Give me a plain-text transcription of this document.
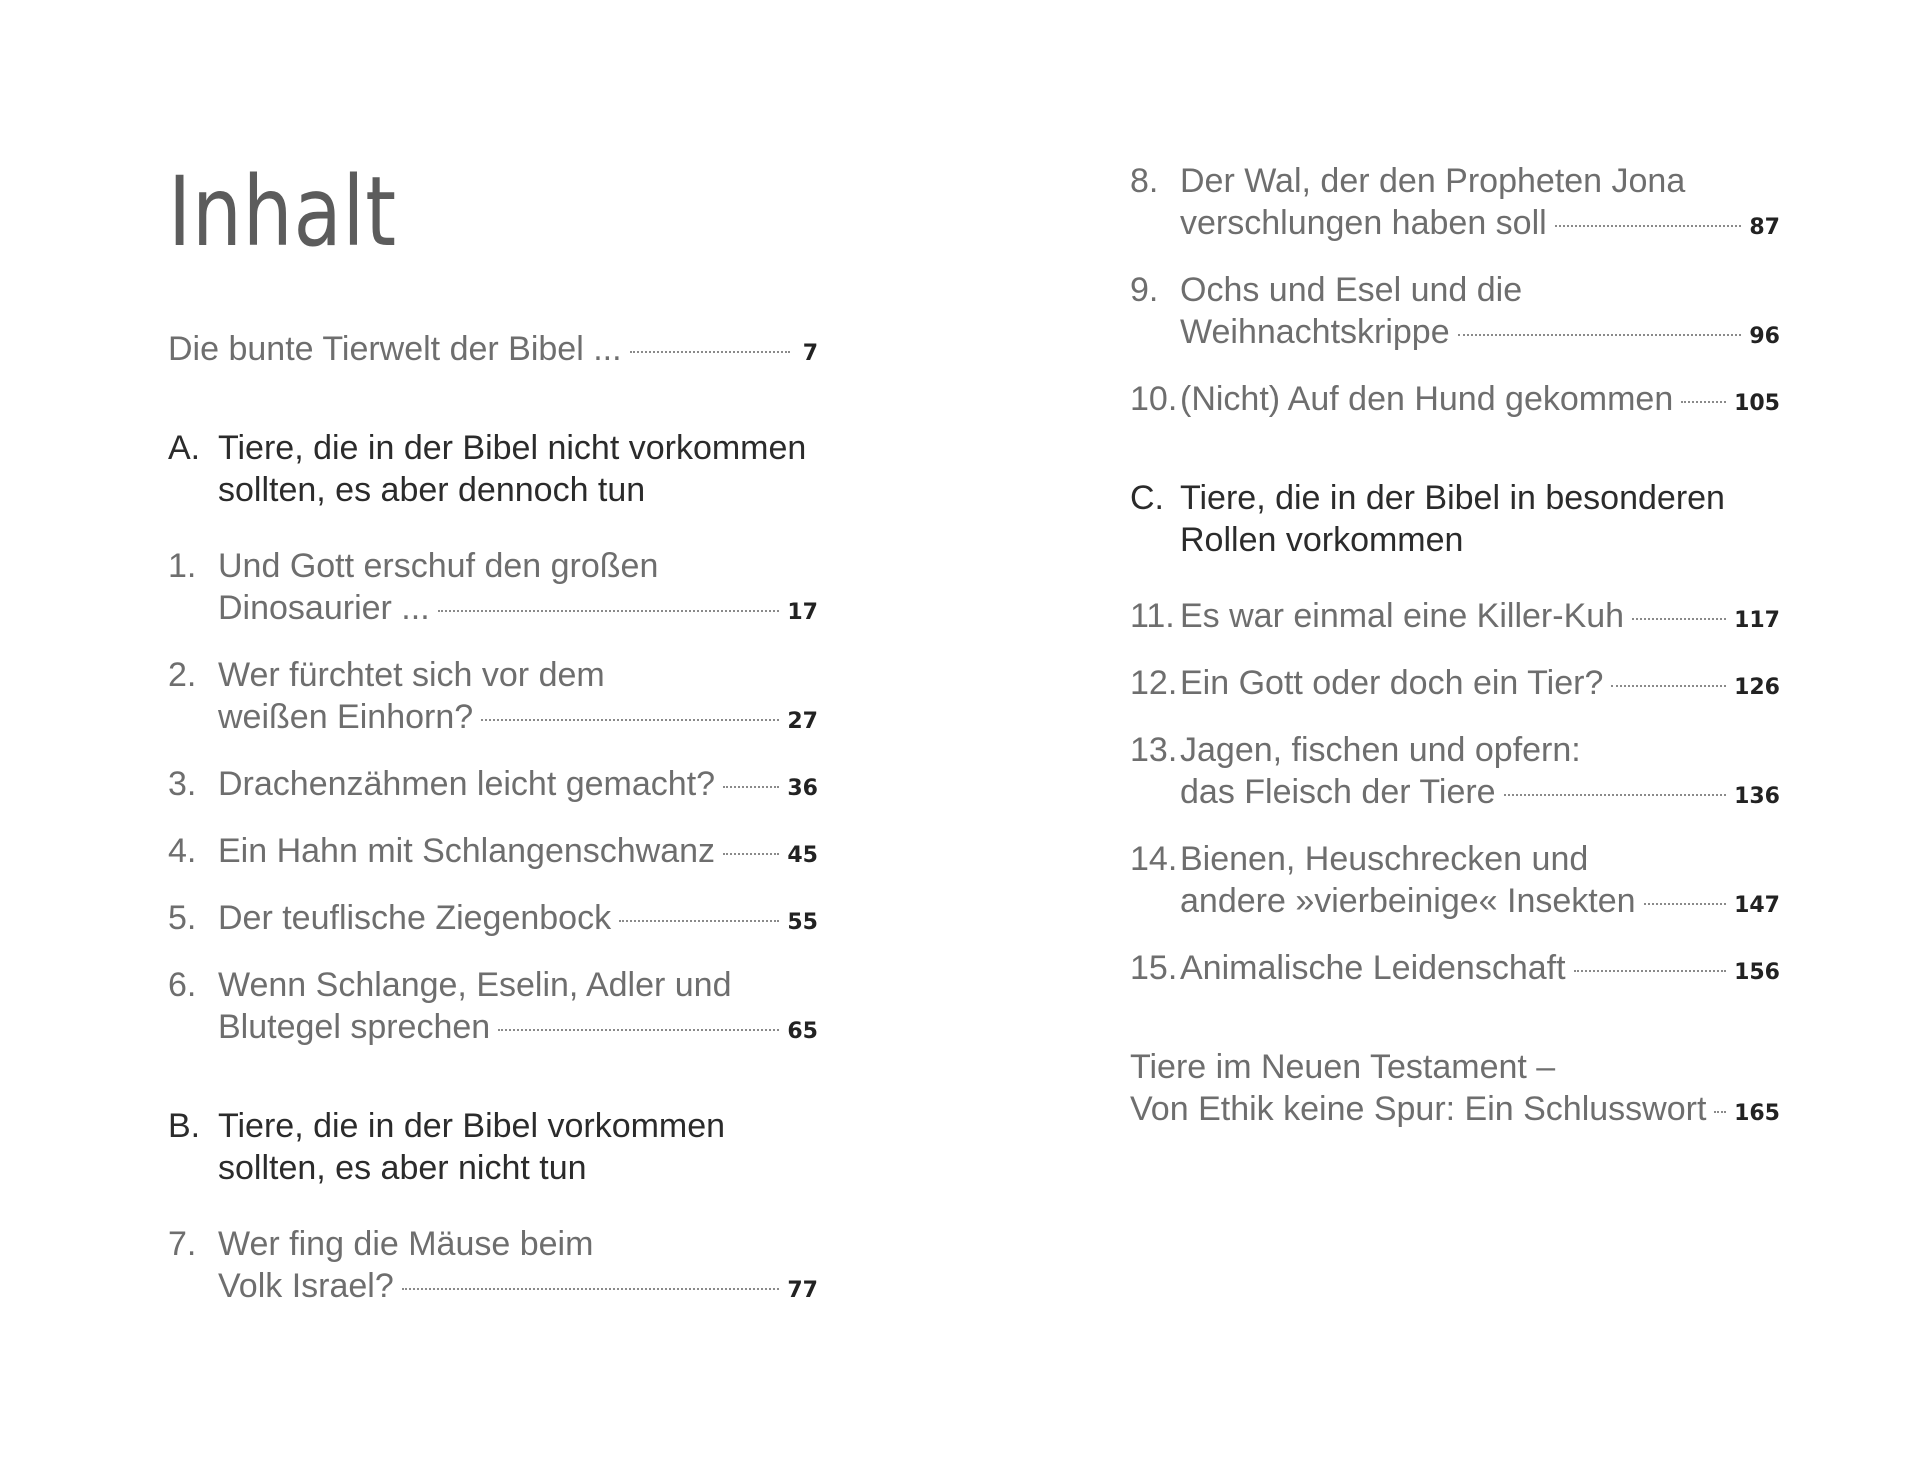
Inhalt
Die bunte Tierwelt der Bibel ...	7
A. Tiere, die in der Bibel nicht vorkommen
sollten, es aber dennoch tun
1. Und Gott erschuf den großen
Dinosaurier ...	17
2. Wer fürchtet sich vor dem
weißen Einhorn?	27
3. Drachenzähmen leicht gemacht?	36
4. Ein Hahn mit Schlangenschwanz	45
5. Der teuflische Ziegenbock	55
6. Wenn Schlange, Eselin, Adler und
Blutegel sprechen	65
B. Tiere, die in der Bibel vorkommen
sollten, es aber nicht tun
7. Wer fing die Mäuse beim
Volk Israel?	77
8. Der Wal, der den Propheten Jona
verschlungen haben soll	87
9. Ochs und Esel und die
Weihnachtskrippe	96
10. (Nicht) Auf den Hund gekommen	105
C. Tiere, die in der Bibel in besonderen
Rollen vorkommen
11. Es war einmal eine Killer-Kuh	117
12. Ein Gott oder doch ein Tier?	126
13. Jagen, fischen und opfern:
das Fleisch der Tiere	136
14. Bienen, Heuschrecken und
andere »vierbeinige« Insekten	147
15. Animalische Leidenschaft	156
Tiere im Neuen Testament –
Von Ethik keine Spur: Ein Schlusswort 165
